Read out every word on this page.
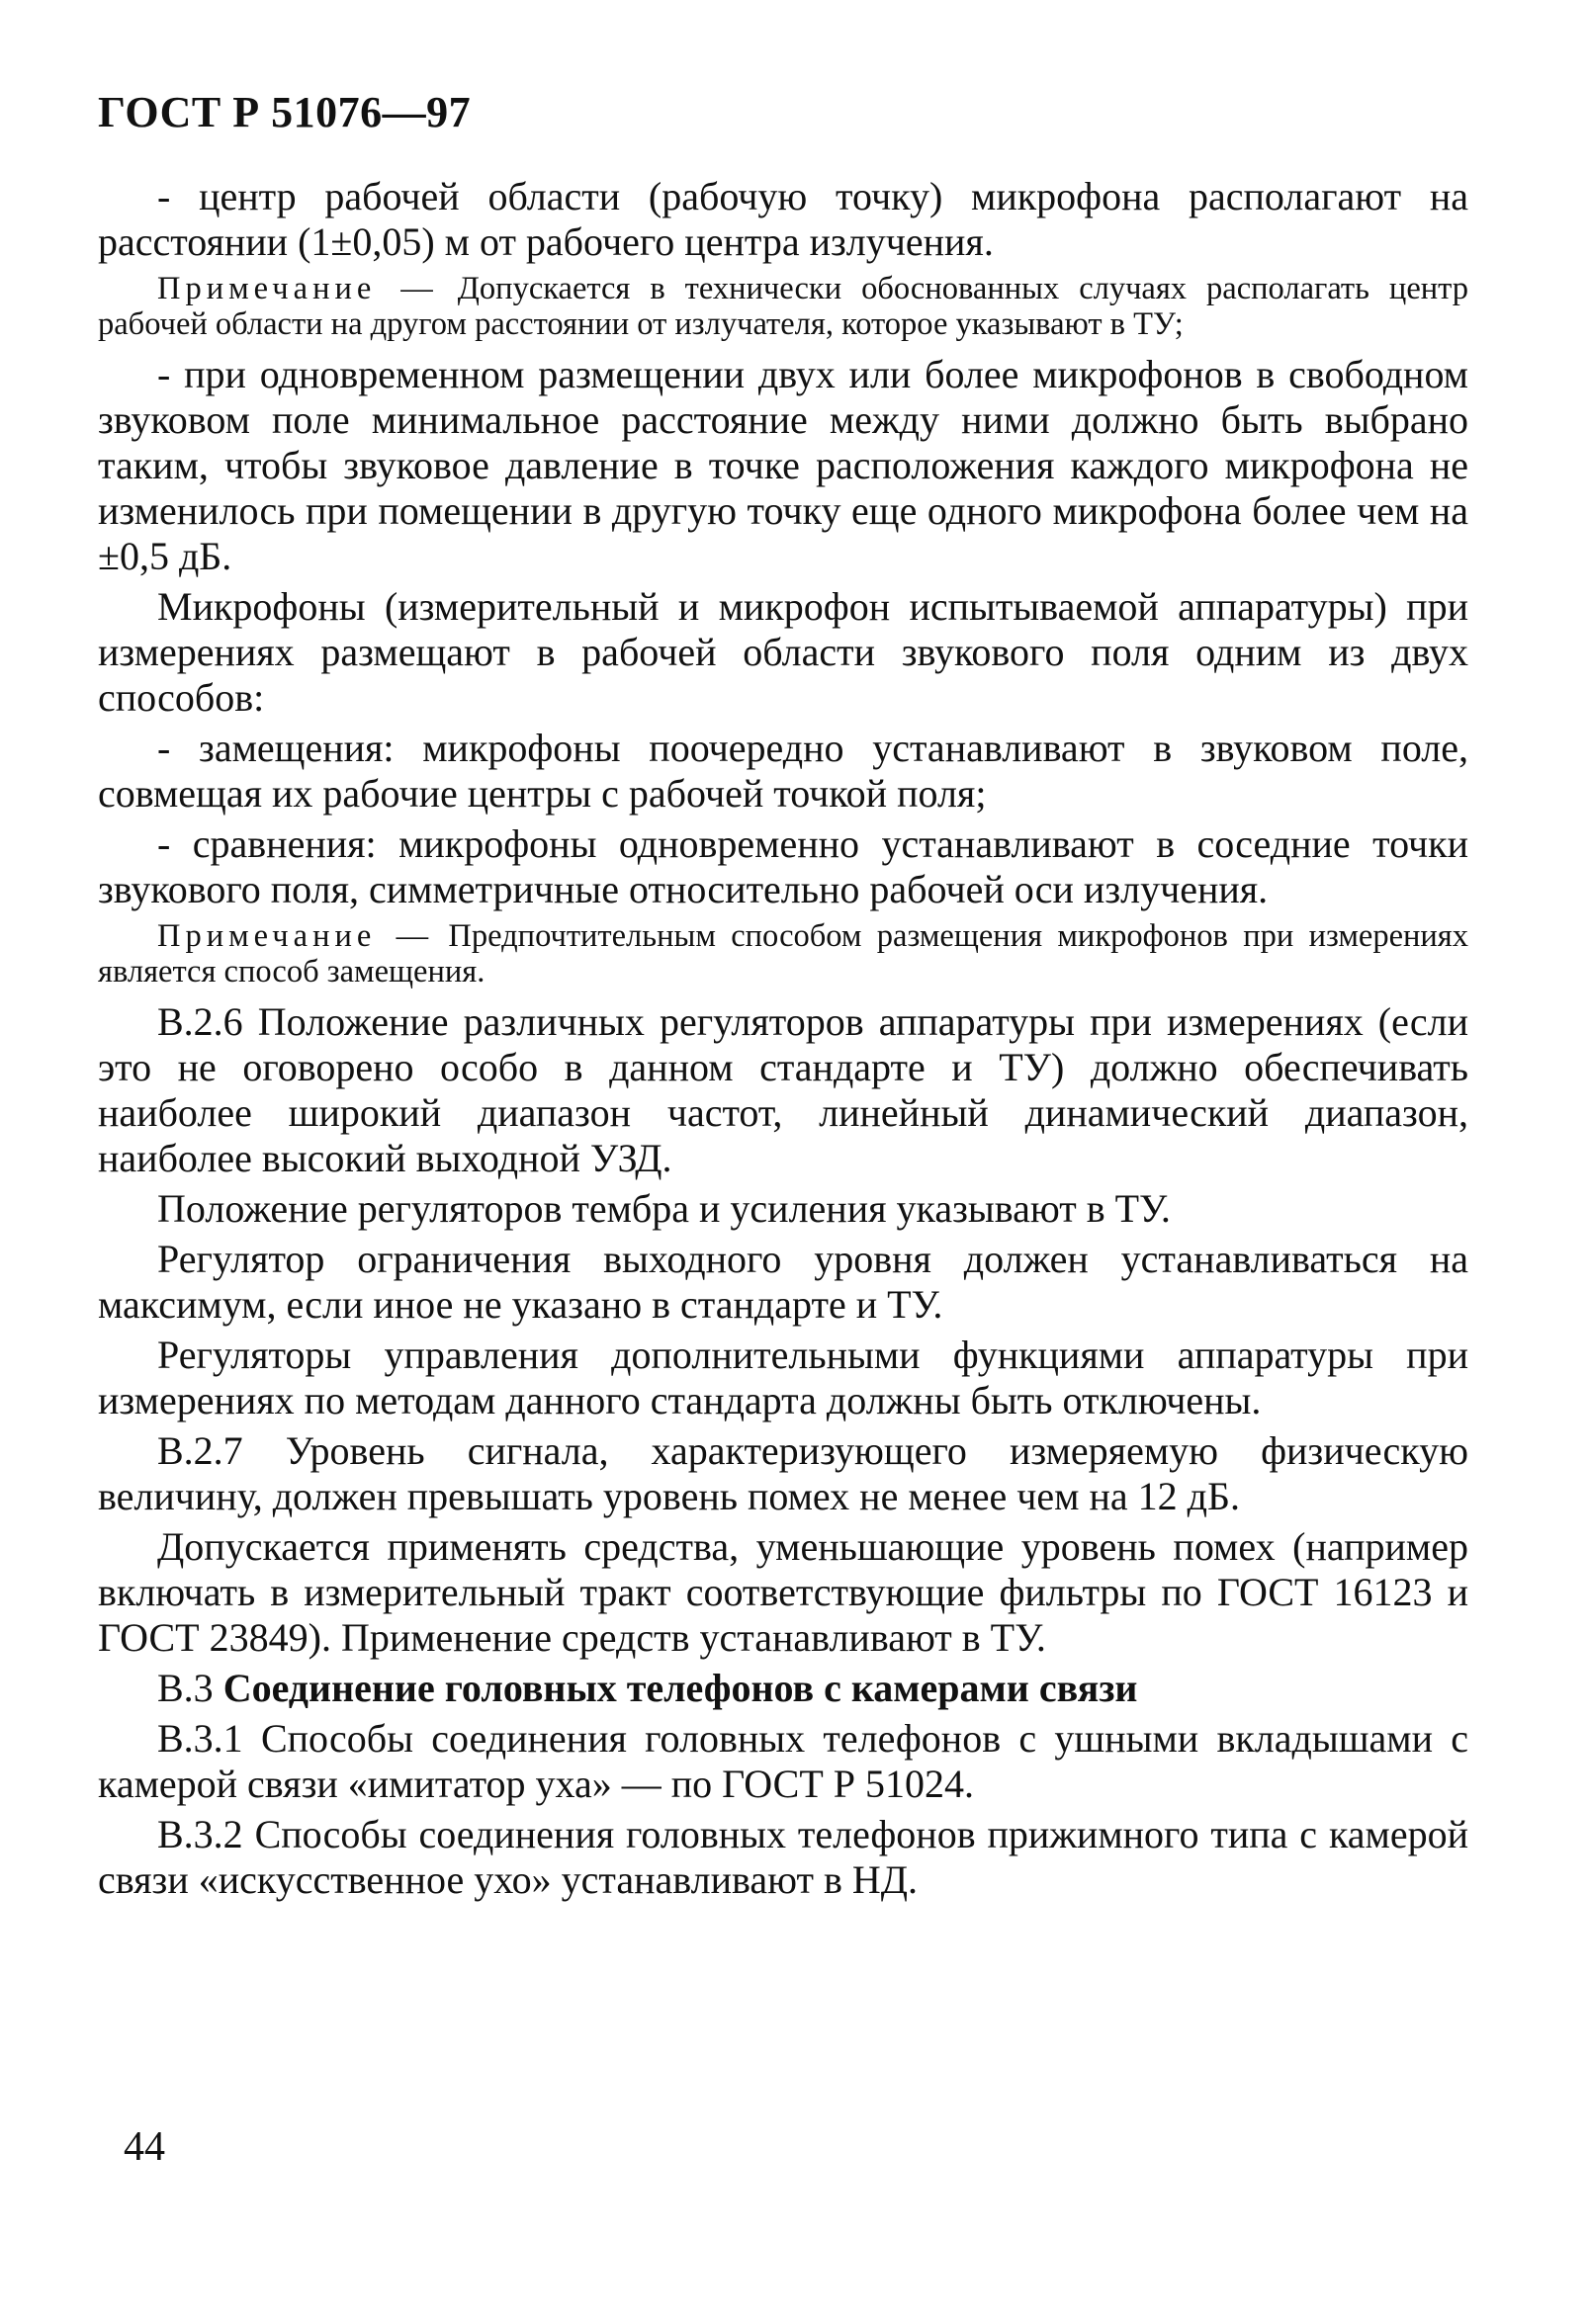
ГОСТ Р 51076—97

- центр рабочей области (рабочую точку) микрофона располагают на расстоянии (1±0,05) м от рабочего центра излучения.

Примечание — Допускается в технически обоснованных случаях располагать центр рабочей области на другом расстоянии от излучателя, которое указывают в ТУ;

- при одновременном размещении двух или более микрофонов в свободном звуковом поле минимальное расстояние между ними должно быть выбрано таким, чтобы звуковое давление в точке расположения каждого микрофона не изменилось при помещении в другую точку еще одного микрофона более чем на ±0,5 дБ.

Микрофоны (измерительный и микрофон испытываемой аппаратуры) при измерениях размещают в рабочей области звукового поля одним из двух способов:

- замещения: микрофоны поочередно устанавливают в звуковом поле, совмещая их рабочие центры с рабочей точкой поля;

- сравнения: микрофоны одновременно устанавливают в соседние точки звукового поля, симметричные относительно рабочей оси излучения.

Примечание — Предпочтительным способом размещения микрофонов при измерениях является способ замещения.

В.2.6 Положение различных регуляторов аппаратуры при измерениях (если это не оговорено особо в данном стандарте и ТУ) должно обеспечивать наиболее широкий диапазон частот, линейный динамический диапазон, наиболее высокий выходной УЗД.

Положение регуляторов тембра и усиления указывают в ТУ.

Регулятор ограничения выходного уровня должен устанавливаться на максимум, если иное не указано в стандарте и ТУ.

Регуляторы управления дополнительными функциями аппаратуры при измерениях по методам данного стандарта должны быть отключены.

В.2.7 Уровень сигнала, характеризующего измеряемую физическую величину, должен превышать уровень помех не менее чем на 12 дБ.

Допускается применять средства, уменьшающие уровень помех (например включать в измерительный тракт соответствующие фильтры по ГОСТ 16123 и ГОСТ 23849). Применение средств устанавливают в ТУ.

В.3 Соединение головных телефонов с камерами связи

В.3.1 Способы соединения головных телефонов с ушными вкладышами с камерой связи «имитатор уха» — по ГОСТ Р 51024.

В.3.2 Способы соединения головных телефонов прижимного типа с камерой связи «искусственное ухо» устанавливают в НД.

44
